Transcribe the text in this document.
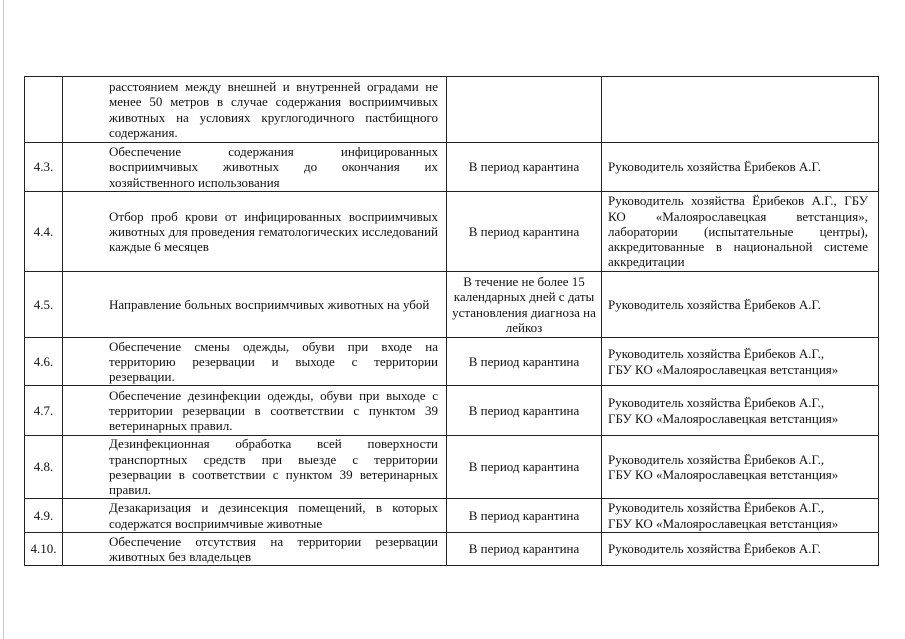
	расстоянием между внешней и внутренней оградами не менее 50 метров в случае содержания восприимчивых животных на условиях круглогодичного пастбищного содержания.		
4.3.	Обеспечение содержания инфицированных восприимчивых животных до окончания их хозяйственного использования	В период карантина	Руководитель хозяйства Ёрибеков А.Г.

4.4.	Отбор проб крови от инфицированных восприимчивых животных для проведения гематологических исследований каждые 6 месяцев	В период карантина	Руководитель хозяйства Ёрибеков А.Г., ГБУ КО «Малоярославецкая ветстанция», лаборатории (испытательные центры), аккредитованные в национальной системе аккредитации

4.5.	Направление больных восприимчивых животных на убой	В течение не более 15 календарных дней с даты установления диагноза на лейкоз	Руководитель хозяйства Ёрибеков А.Г.

4.6.	Обеспечение смены одежды, обуви при входе на территорию резервации и выходе с территории резервации.	В период карантина	Руководитель хозяйства Ёрибеков А.Г.,
ГБУ КО «Малоярославецкая ветстанция»

4.7.	Обеспечение дезинфекции одежды, обуви при выходе с территории резервации в соответствии с пунктом 39 ветеринарных правил.	В период карантина	Руководитель хозяйства Ёрибеков А.Г.,
ГБУ КО «Малоярославецкая ветстанция»

4.8.	Дезинфекционная обработка всей поверхности транспортных средств при выезде с территории резервации в соответствии с пунктом 39 ветеринарных правил.	В период карантина	Руководитель хозяйства Ёрибеков А.Г.,
ГБУ КО «Малоярославецкая ветстанция»

4.9.	Дезакаризация и дезинсекция помещений, в которых содержатся восприимчивые животные	В период карантина	Руководитель хозяйства Ёрибеков А.Г.,
ГБУ КО «Малоярославецкая ветстанция»

4.10.	Обеспечение отсутствия на территории резервации животных без владельцев	В период карантина	Руководитель хозяйства Ёрибеков А.Г.
